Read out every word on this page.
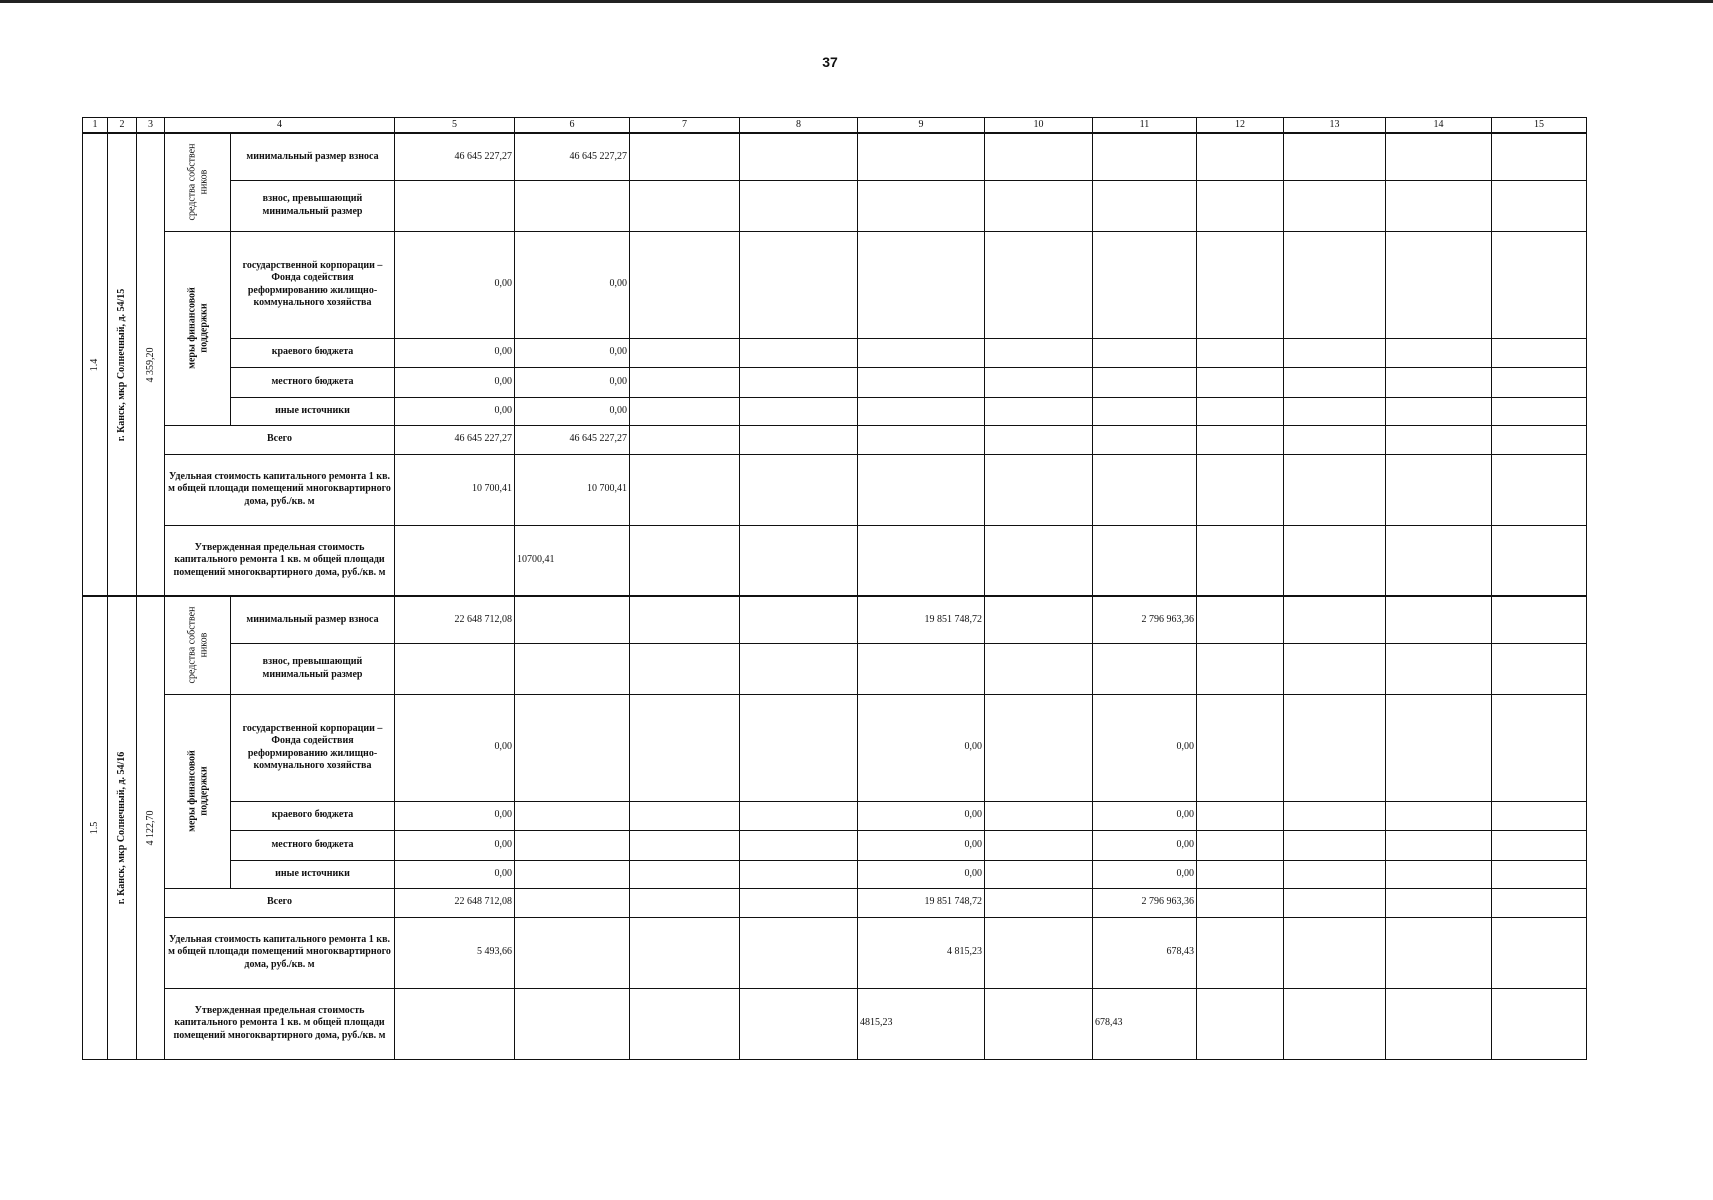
37
1	2	3	4		5	6	7	8	9	10	11	12	13	14	15

1.4	г. Канск, мкр Солнечный, д. 54/15	4 359,20	средства собствен ников	минимальный размер взноса	46 645 227,27	46 645 227,27									
				взнос, превышающий минимальный размер											

			меры финансовой поддержки	государственной корпорации – Фонда содействия реформированию жилищно-коммунального хозяйства	0,00	0,00									
				краевого бюджета	0,00	0,00									
				местного бюджета	0,00	0,00									
				иные источники	0,00	0,00									
			Всего		46 645 227,27	46 645 227,27									
			Удельная стоимость капитального ремонта 1 кв. м общей площади помещений многоквартирного дома, руб./кв. м		10 700,41	10 700,41									
			Утвержденная предельная стоимость капитального ремонта 1 кв. м общей площади помещений многоквартирного дома, руб./кв. м			10700,41									

1.5	г. Канск, мкр Солнечный, д. 54/16	4 122,70	средства собствен ников	минимальный размер взноса	22 648 712,08				19 851 748,72		2 796 963,36				
				взнос, превышающий минимальный размер											

			меры финансовой поддержки	государственной корпорации – Фонда содействия реформированию жилищно-коммунального хозяйства	0,00				0,00		0,00				
				краевого бюджета	0,00				0,00		0,00				
				местного бюджета	0,00				0,00		0,00				
				иные источники	0,00				0,00		0,00				
			Всего		22 648 712,08				19 851 748,72		2 796 963,36				
			Удельная стоимость капитального ремонта 1 кв. м общей площади помещений многоквартирного дома, руб./кв. м		5 493,66				4 815,23		678,43				
			Утвержденная предельная стоимость капитального ремонта 1 кв. м общей площади помещений многоквартирного дома, руб./кв. м						4815,23		678,43				
